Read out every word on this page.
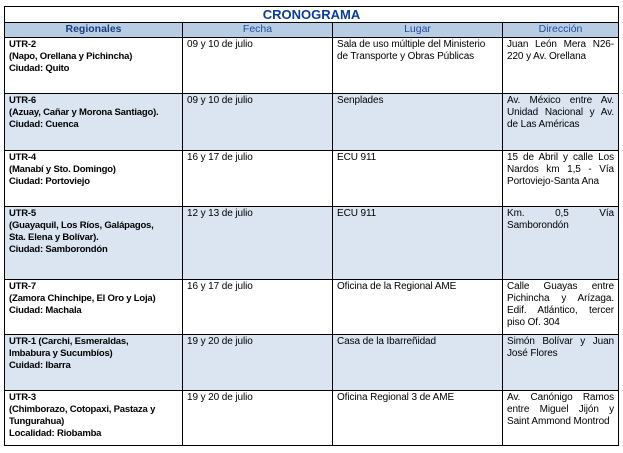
CRONOGRAMA			
Regionales	Fecha	Lugar	Dirección

UTR-2
(Napo, Orellana y Pichincha)
Ciudad: Quito	09 y 10 de julio	Sala de uso múltiple del Ministerio de Transporte y Obras Públicas	Juan León Mera N26-220 y Av. Orellana

UTR-6
(Azuay, Cañar y Morona Santiago).
Ciudad: Cuenca	09 y 10 de julio	Senplades	Av. México entre Av. Unidad Nacional y Av. de Las Américas

UTR-4
(Manabí y Sto. Domingo)
Ciudad: Portoviejo	16 y 17 de julio	ECU 911	15 de Abril y calle Los Nardos km 1,5 - Vía Portoviejo-Santa Ana

UTR-5
(Guayaquil, Los Ríos, Galápagos,
Sta. Elena y Bolívar).
Ciudad: Samborondón	12 y 13 de julio	ECU 911	Km. 0,5 Vía Samborondón

UTR-7
(Zamora Chinchipe, El Oro y Loja)
Ciudad: Machala	16 y 17 de julio	Oficina de la Regional AME	Calle Guayas entre Pichincha y Arízaga. Edif. Atlántico, tercer piso Of. 304

UTR-1 (Carchi, Esmeraldas,
Imbabura y Sucumbíos)
Cuidad: Ibarra	19 y 20 de julio	Casa de la Ibarreñidad	Simón Bolívar y Juan José Flores

UTR-3
(Chimborazo, Cotopaxi, Pastaza y
Tungurahua)
Localidad: Riobamba	19 y 20 de julio	Oficina Regional 3 de AME	Av. Canónigo Ramos entre Miguel Jijón y Saint Ammond Montrod
